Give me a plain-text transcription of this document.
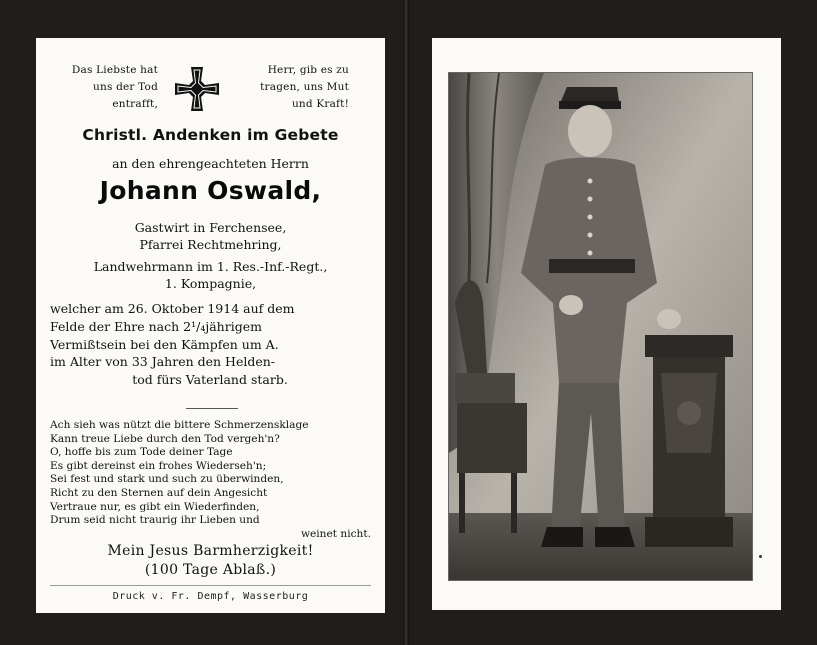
Das Liebste hat
uns der Tod
entrafft,
Herr, gib es zu
tragen, uns Mut
und Kraft!
Christl. Andenken im Gebete
an den ehrengeachteten Herrn
Johann Oswald,
Gastwirt in Ferchensee,
Pfarrei Rechtmehring,
Landwehrmann im 1. Res.-Inf.-Regt.,
1. Kompagnie,
welcher am 26. Oktober 1914 auf dem
Felde der Ehre nach 2¹/₄jährigem
Vermißtsein bei den Kämpfen um A.
im Alter von 33 Jahren den Helden-
tod fürs Vaterland starb.
Ach sieh was nützt die bittere Schmerzensklage
Kann treue Liebe durch den Tod vergeh'n?
O, hoffe bis zum Tode deiner Tage
Es gibt dereinst ein frohes Wiederseh'n;
Sei fest und stark und such zu überwinden,
Richt zu den Sternen auf dein Angesicht
Vertraue nur, es gibt ein Wiederfinden,
Drum seid nicht traurig ihr Lieben und
weinet nicht.
Mein Jesus Barmherzigkeit!
(100 Tage Ablaß.)
Druck v. Fr. Dempf, Wasserburg
